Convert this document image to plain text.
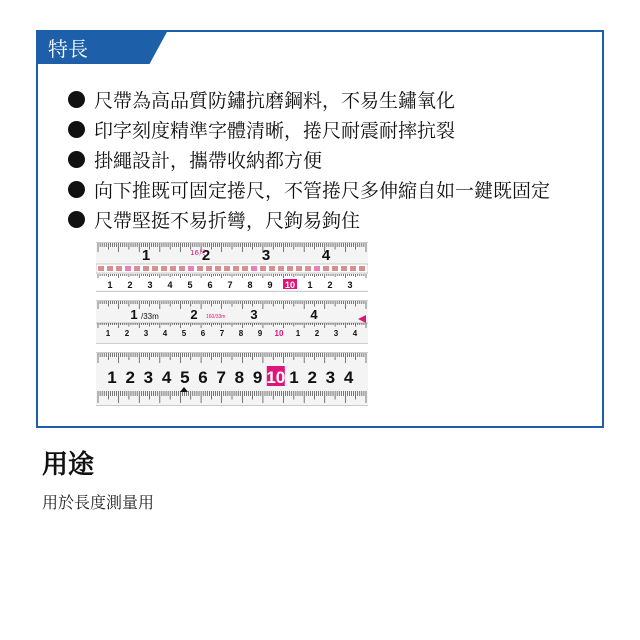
特長
尺帶為高品質防鏽抗磨鋼料，不易生鏽氧化
印字刻度精準字體清晰，捲尺耐震耐摔抗裂
掛繩設計，攜帶收納都方便
向下推既可固定捲尺，不管捲尺多伸縮自如一鍵既固定
尺帶堅挺不易折彎，尺鉤易鉤住
1	2	3	4
16尺
1 2 3 4 5 6 7 8 9 10 1 2 3
1	2	3	4
/33m	160/33m
1 2 3 4 5 6 7 8 9 10 1 2 3 4
1 2 3 4 5 6 7 8 9 10 1 2 3 4
用途

用於長度測量用
